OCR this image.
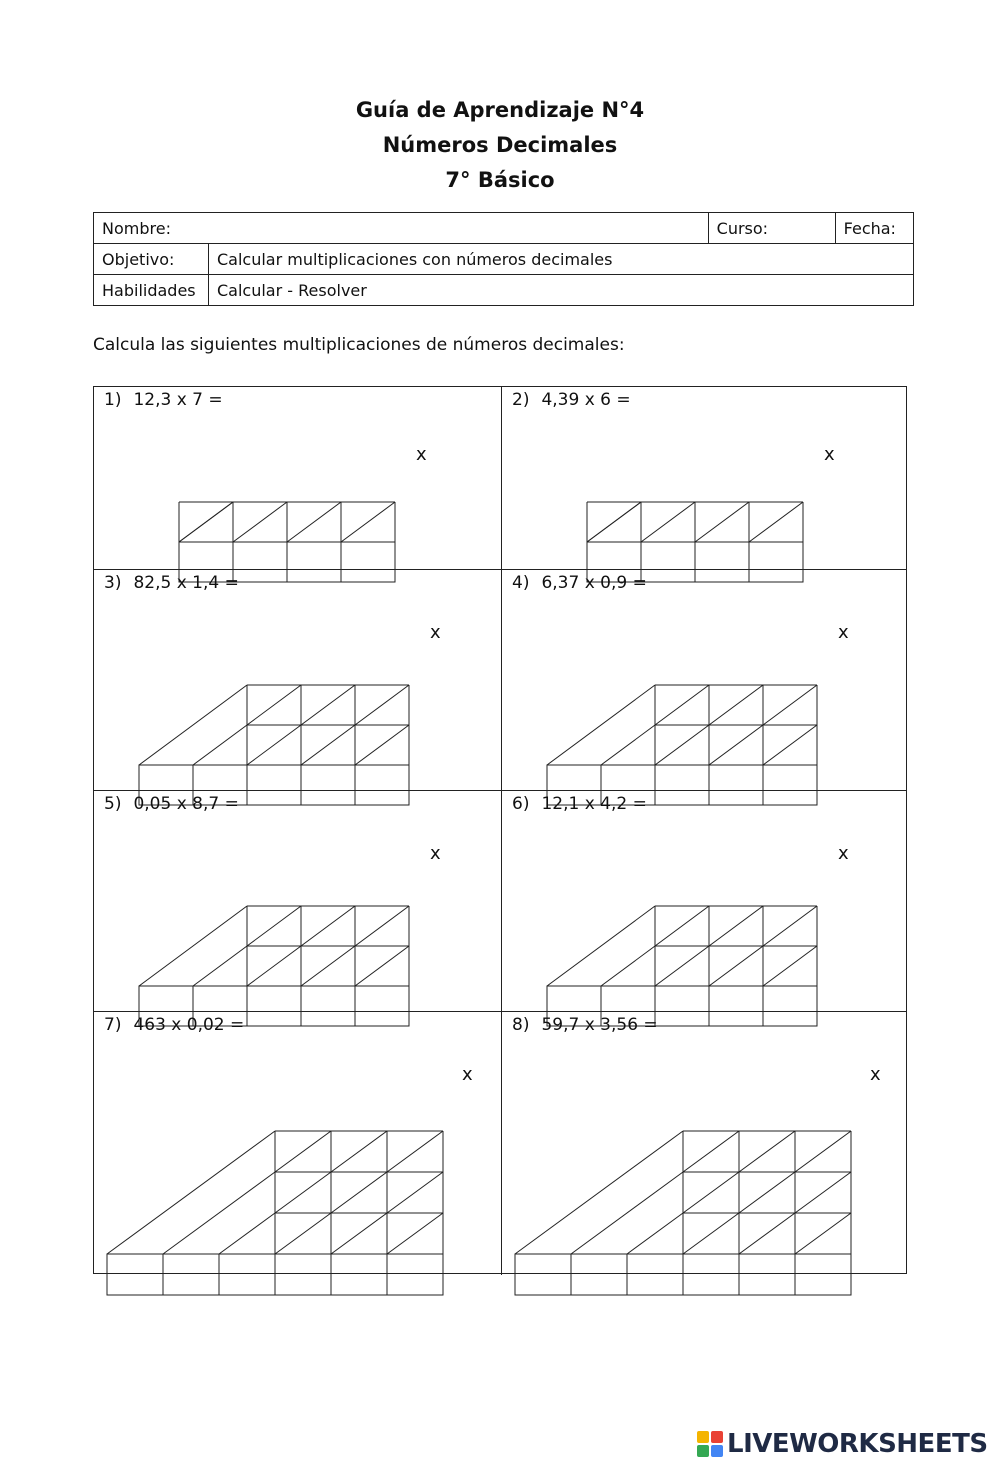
Guía de Aprendizaje N°4
Números Decimales
7° Básico
Nombre:		Curso:	Fecha:
Objetivo:	Calcular multiplicaciones con números decimales		
Habilidades	Calcular - Resolver		
Calcula las siguientes multiplicaciones de números decimales:
1) 12,3 x 7 =
x
2) 4,39 x 6 =
x
3) 82,5 x 1,4 =
x
4) 6,37 x 0,9 =
x
5) 0,05 x 8,7 =
x
6) 12,1 x 4,2 =
x
7) 463 x 0,02 =
x
8) 59,7 x 3,56 =
x
LIVEWORKSHEETS
